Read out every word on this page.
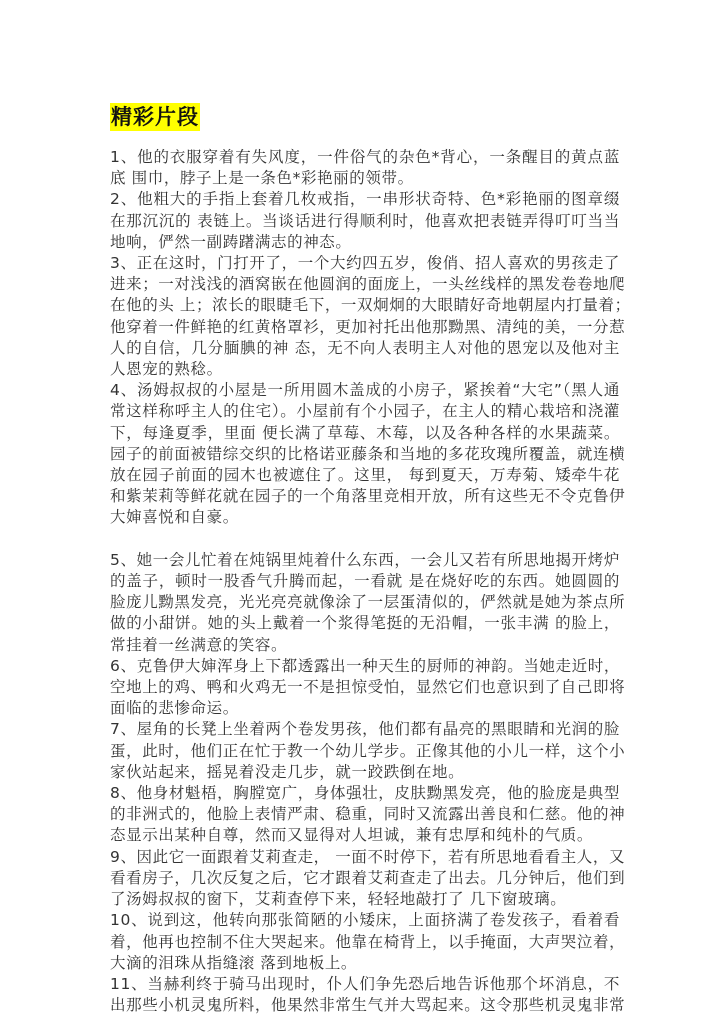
精彩片段
1、他的衣服穿着有失风度，一件俗气的杂色*背心，一条醒目的黄点蓝
底 围巾，脖子上是一条色*彩艳丽的领带。
2、他粗大的手指上套着几枚戒指，一串形状奇特、色*彩艳丽的图章缀
在那沉沉的 表链上。当谈话进行得顺利时，他喜欢把表链弄得叮叮当当
地响，俨然一副踌躇满志的神态。
3、正在这时，门打开了，一个大约四五岁，俊俏、招人喜欢的男孩走了
进来；一对浅浅的酒窝嵌在他圆润的面庞上，一头丝线样的黑发卷卷地爬
在他的头 上；浓长的眼睫毛下，一双炯炯的大眼睛好奇地朝屋内打量着；
他穿着一件鲜艳的红黄格罩衫，更加衬托出他那黝黑、清纯的美，一分惹
人的自信，几分腼腆的神 态，无不向人表明主人对他的恩宠以及他对主
人恩宠的熟稔。
4、汤姆叔叔的小屋是一所用圆木盖成的小房子，紧挨着“大宅”（黑人通
常这样称呼主人的住宅）。小屋前有个小园子，在主人的精心栽培和浇灌
下，每逢夏季，里面 便长满了草莓、木莓，以及各种各样的水果蔬菜。
园子的前面被错综交织的比格诺亚藤条和当地的多花玫瑰所覆盖，就连横
放在园子前面的园木也被遮住了。这里， 每到夏天，万寿菊、矮牵牛花
和紫茉莉等鲜花就在园子的一个角落里竞相开放，所有这些无不令克鲁伊
大婶喜悦和自豪。
5、她一会儿忙着在炖锅里炖着什么东西，一会儿又若有所思地揭开烤炉
的盖子，顿时一股香气升腾而起，一看就 是在烧好吃的东西。她圆圆的
脸庞儿黝黑发亮，光光亮亮就像涂了一层蛋清似的，俨然就是她为茶点所
做的小甜饼。她的头上戴着一个浆得笔挺的无沿帽，一张丰满 的脸上，
常挂着一丝满意的笑容。
6、克鲁伊大婶浑身上下都透露出一种天生的厨师的神韵。当她走近时，
空地上的鸡、鸭和火鸡无一不是担惊受怕，显然它们也意识到了自己即将
面临的悲惨命运。
7、屋角的长凳上坐着两个卷发男孩，他们都有晶亮的黑眼睛和光润的脸
蛋，此时，他们正在忙于教一个幼儿学步。正像其他的小儿一样，这个小
家伙站起来，摇晃着没走几步，就一跤跌倒在地。
8、他身材魁梧，胸膛宽广，身体强壮，皮肤黝黑发亮，他的脸庞是典型
的非洲式的，他脸上表情严肃、稳重，同时又流露出善良和仁慈。他的神
态显示出某种自尊，然而又显得对人坦诚，兼有忠厚和纯朴的气质。
9、因此它一面跟着艾莉查走， 一面不时停下，若有所思地看看主人，又
看看房子，几次反复之后，它才跟着艾莉查走了出去。几分钟后，他们到
了汤姆叔叔的窗下，艾莉查停下来，轻轻地敲打了 几下窗玻璃。
10、说到这，他转向那张简陋的小矮床，上面挤满了卷发孩子，看着看
着，他再也控制不住大哭起来。他靠在椅背上，以手掩面，大声哭泣着，
大滴的泪珠从指缝滚 落到地板上。
11、当赫利终于骑马出现时，仆人们争先恐后地告诉他那个坏消息，不
出那些小机灵鬼所料，他果然非常生气并大骂起来。这令那些机灵鬼非常
